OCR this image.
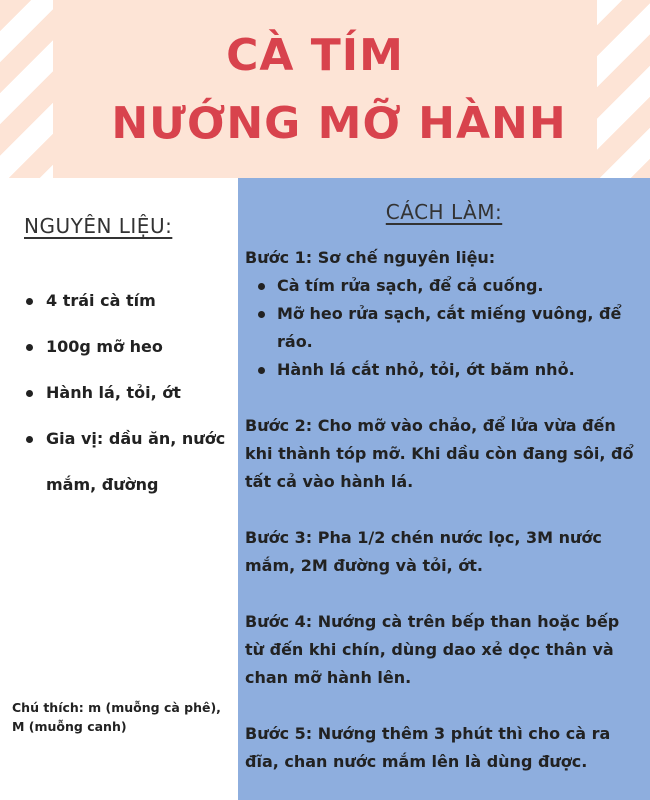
CÀ TÍM
NƯỚNG MỠ HÀNH
NGUYÊN LIỆU:
4 trái cà tím
100g mỡ heo
Hành lá, tỏi, ớt
Gia vị: dầu ăn, nước mắm, đường
Chú thích: m (muỗng cà phê), M (muỗng canh)
CÁCH LÀM:

Bước 1: Sơ chế nguyên liệu:

Cà tím rửa sạch, để cả cuống.
Mỡ heo rửa sạch, cắt miếng vuông, để ráo.
Hành lá cắt nhỏ, tỏi, ớt băm nhỏ.

Bước 2: Cho mỡ vào chảo, để lửa vừa đến khi thành tóp mỡ. Khi dầu còn đang sôi, đổ tất cả vào hành lá.

Bước 3: Pha 1/2 chén nước lọc, 3M nước mắm, 2M đường và tỏi, ớt.

Bước 4: Nướng cà trên bếp than hoặc bếp từ đến khi chín, dùng dao xẻ dọc thân và chan mỡ hành lên.

Bước 5: Nướng thêm 3 phút thì cho cà ra đĩa, chan nước mắm lên là dùng được.
